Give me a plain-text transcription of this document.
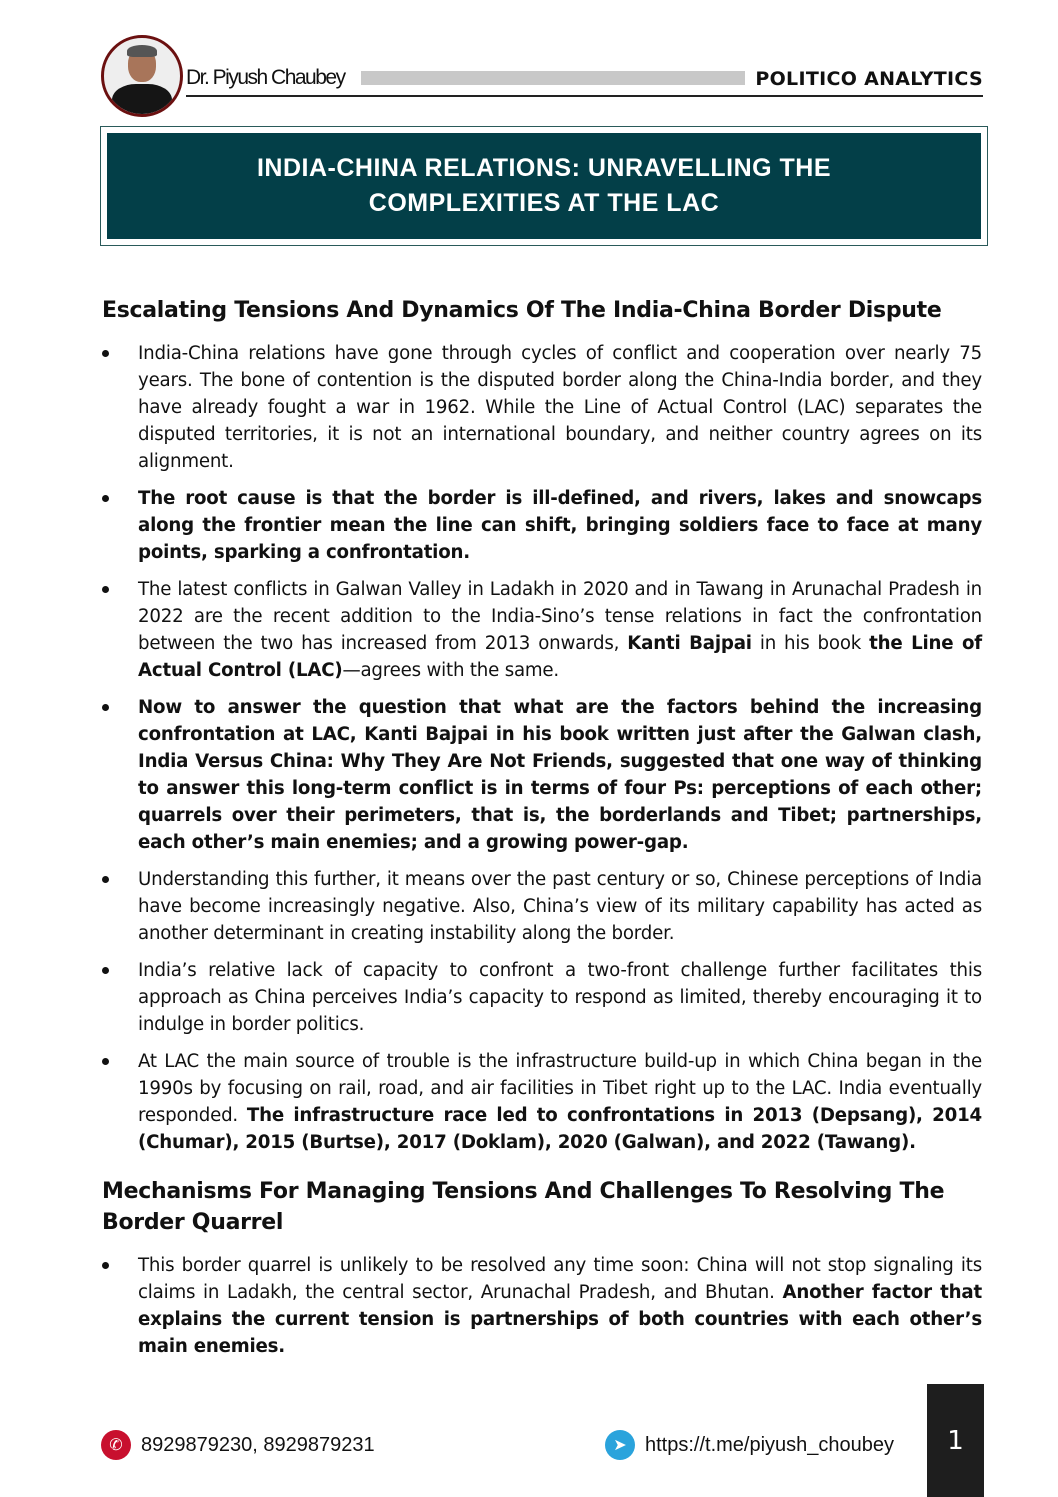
Dr. Piyush Chaubey	POLITICO ANALYTICS
INDIA-CHINA RELATIONS: UNRAVELLING THE
COMPLEXITIES AT THE LAC
Escalating Tensions And Dynamics Of The India-China Border Dispute
India-China relations have gone through cycles of conflict and cooperation over nearly 75 years. The bone of contention is the disputed border along the China-India border, and they have already fought a war in 1962. While the Line of Actual Control (LAC) separates the disputed territories, it is not an international boundary, and neither country agrees on its alignment.
The root cause is that the border is ill-defined, and rivers, lakes and snowcaps along the frontier mean the line can shift, bringing soldiers face to face at many points, sparking a confrontation.
The latest conflicts in Galwan Valley in Ladakh in 2020 and in Tawang in Arunachal Pradesh in 2022 are the recent addition to the India-Sino’s tense relations in fact the confrontation between the two has increased from 2013 onwards, Kanti Bajpai in his book the Line of Actual Control (LAC)—agrees with the same.
Now to answer the question that what are the factors behind the increasing confrontation at LAC, Kanti Bajpai in his book written just after the Galwan clash, India Versus China: Why They Are Not Friends, suggested that one way of thinking to answer this long-term conflict is in terms of four Ps: perceptions of each other; quarrels over their perimeters, that is, the borderlands and Tibet; partnerships, each other’s main enemies; and a growing power-gap.
Understanding this further, it means over the past century or so, Chinese perceptions of India have become increasingly negative. Also, China’s view of its military capability has acted as another determinant in creating instability along the border.
India’s relative lack of capacity to confront a two-front challenge further facilitates this approach as China perceives India’s capacity to respond as limited, thereby encouraging it to indulge in border politics.
At LAC the main source of trouble is the infrastructure build-up in which China began in the 1990s by focusing on rail, road, and air facilities in Tibet right up to the LAC. India eventually responded. The infrastructure race led to confrontations in 2013 (Depsang), 2014 (Chumar), 2015 (Burtse), 2017 (Doklam), 2020 (Galwan), and 2022 (Tawang).
Mechanisms For Managing Tensions And Challenges To Resolving The Border Quarrel
This border quarrel is unlikely to be resolved any time soon: China will not stop signaling its claims in Ladakh, the central sector, Arunachal Pradesh, and Bhutan. Another factor that explains the current tension is partnerships of both countries with each other’s main enemies.
✆ 8929879230, 8929879231	➤ https://t.me/piyush_choubey	1
